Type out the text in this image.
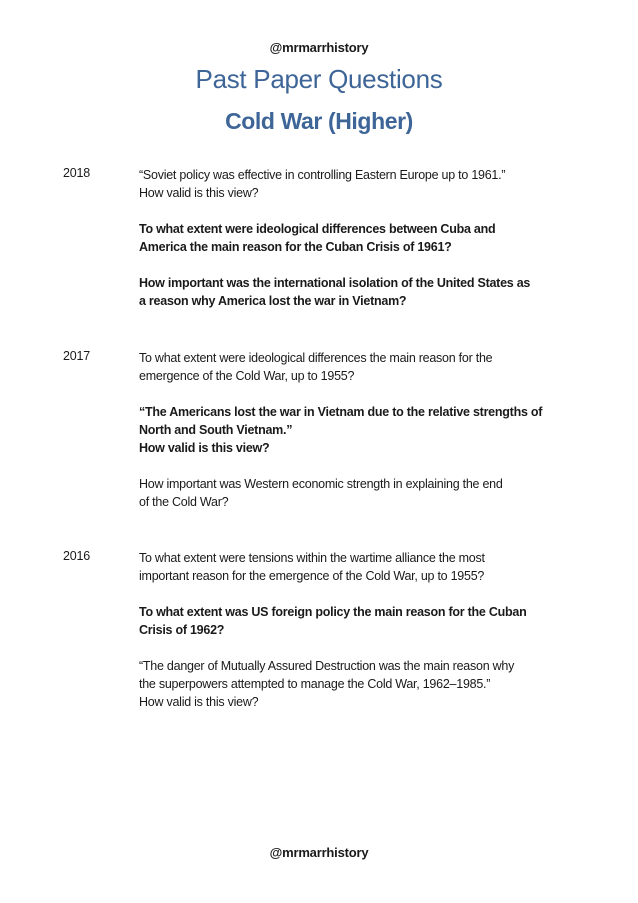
@mrmarrhistory
Past Paper Questions
Cold War (Higher)
2018	“Soviet policy was effective in controlling Eastern Europe up to 1961.”
How valid is this view?
To what extent were ideological differences between Cuba and
America the main reason for the Cuban Crisis of 1961?
How important was the international isolation of the United States as
a reason why America lost the war in Vietnam?
2017	To what extent were ideological differences the main reason for the
emergence of the Cold War, up to 1955?
“The Americans lost the war in Vietnam due to the relative strengths of
North and South Vietnam.”
How valid is this view?
How important was Western economic strength in explaining the end
of the Cold War?
2016	To what extent were tensions within the wartime alliance the most
important reason for the emergence of the Cold War, up to 1955?
To what extent was US foreign policy the main reason for the Cuban
Crisis of 1962?
“The danger of Mutually Assured Destruction was the main reason why
the superpowers attempted to manage the Cold War, 1962–1985.”
How valid is this view?
@mrmarrhistory
